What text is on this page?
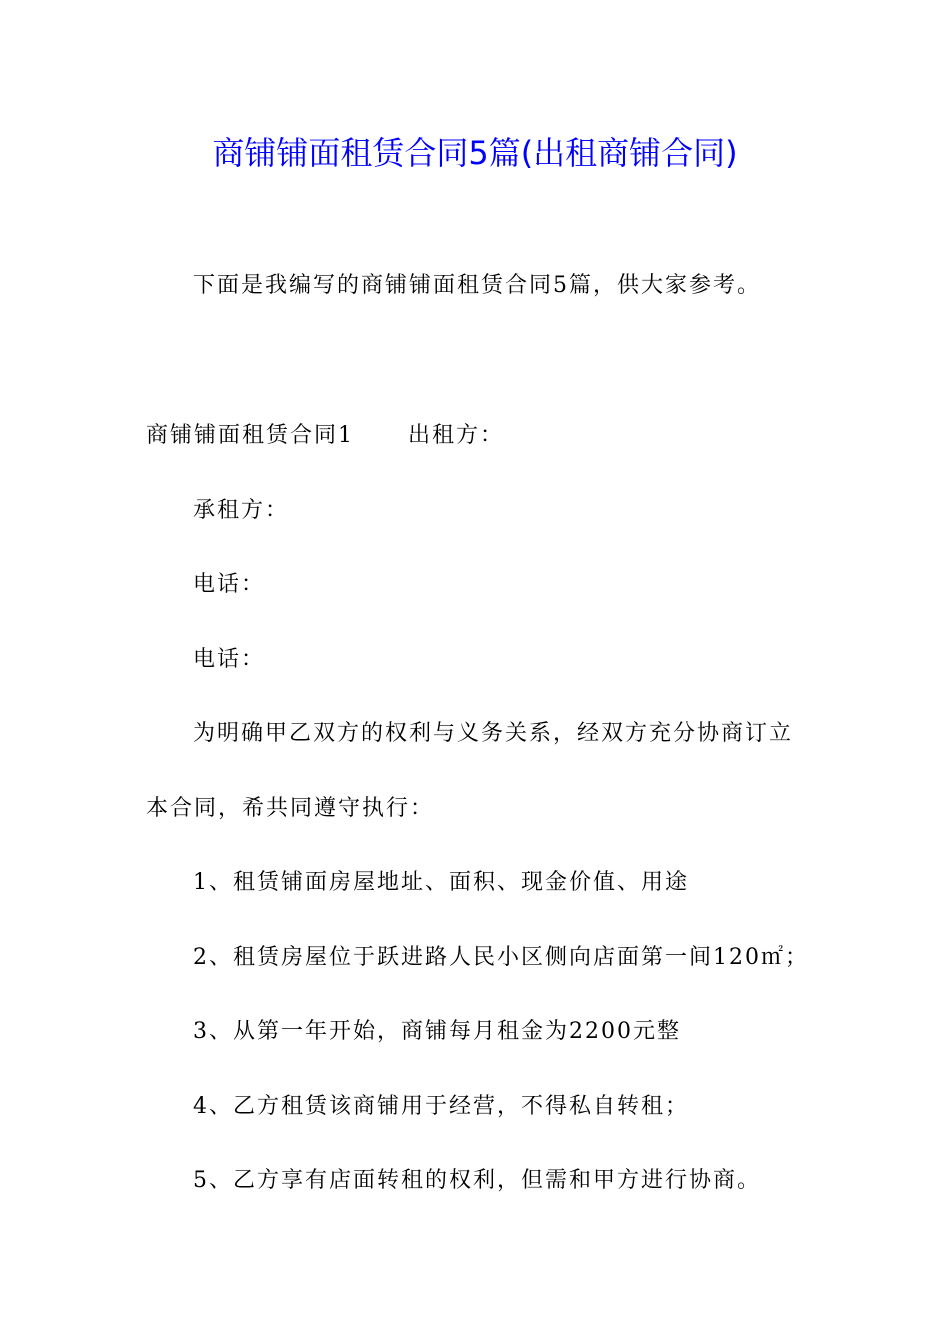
商铺铺面租赁合同5篇(出租商铺合同)
下面是我编写的商铺铺面租赁合同5篇，供大家参考。
商铺铺面租赁合同1 出租方：
承租方：
电话：
电话：
为明确甲乙双方的权利与义务关系，经双方充分协商订立
本合同，希共同遵守执行：
1、租赁铺面房屋地址、面积、现金价值、用途
2、租赁房屋位于跃进路人民小区侧向店面第一间120㎡；
3、从第一年开始，商铺每月租金为2200元整
4、乙方租赁该商铺用于经营，不得私自转租；
5、乙方享有店面转租的权利，但需和甲方进行协商。
